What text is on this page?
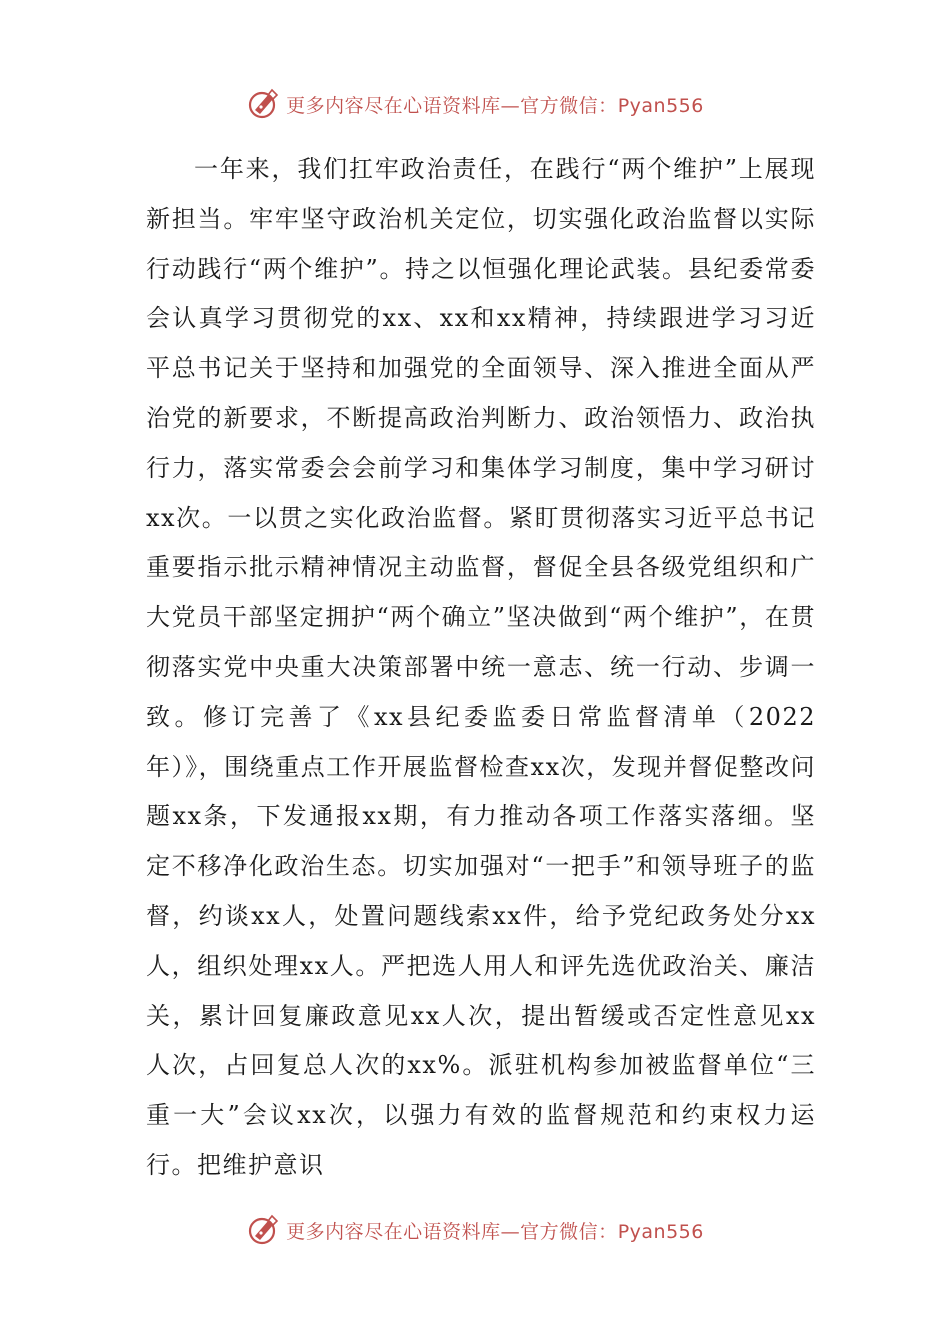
更多内容尽在心语资料库—官方微信：Pyan556

一年来，我们扛牢政治责任，在践行“两个维护”上展现新担当。牢牢坚守政治机关定位，切实强化政治监督以实际行动践行“两个维护”。持之以恒强化理论武装。县纪委常委会认真学习贯彻党的xx、xx和xx精神，持续跟进学习习近平总书记关于坚持和加强党的全面领导、深入推进全面从严治党的新要求，不断提高政治判断力、政治领悟力、政治执行力，落实常委会会前学习和集体学习制度，集中学习研讨xx次。一以贯之实化政治监督。紧盯贯彻落实习近平总书记重要指示批示精神情况主动监督，督促全县各级党组织和广大党员干部坚定拥护“两个确立”坚决做到“两个维护”，在贯彻落实党中央重大决策部署中统一意志、统一行动、步调一致。修订完善了《xx县纪委监委日常监督清单（2022年）》，围绕重点工作开展监督检查xx次，发现并督促整改问题xx条，下发通报xx期，有力推动各项工作落实落细。坚定不移净化政治生态。切实加强对“一把手”和领导班子的监督，约谈xx人，处置问题线索xx件，给予党纪政务处分xx人，组织处理xx人。严把选人用人和评先选优政治关、廉洁关，累计回复廉政意见xx人次，提出暂缓或否定性意见xx人次，占回复总人次的xx%。派驻机构参加被监督单位“三重一大”会议xx次，以强力有效的监督规范和约束权力运行。把维护意识

更多内容尽在心语资料库—官方微信：Pyan556
